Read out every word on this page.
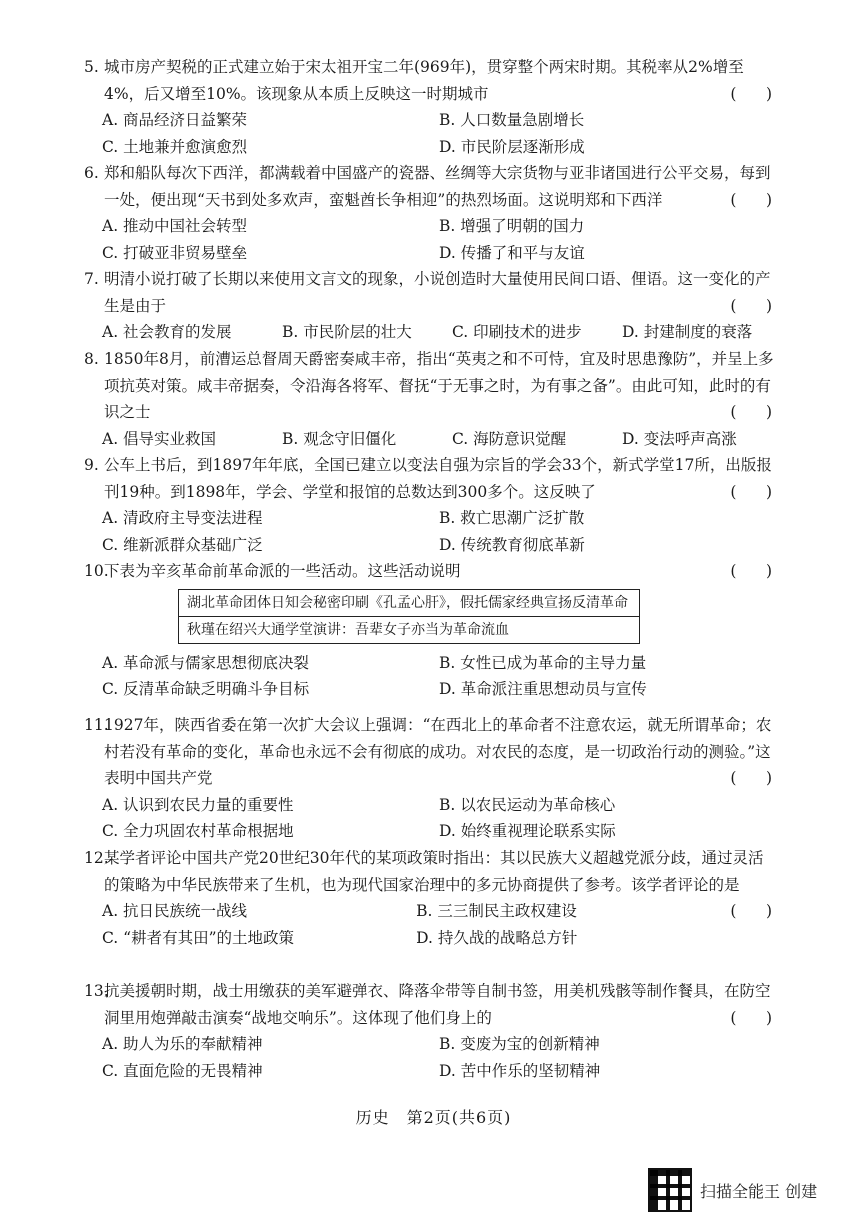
5. 城市房产契税的正式建立始于宋太祖开宝二年(969年)，贯穿整个两宋时期。其税率从2%增至4%，后又增至10%。该现象从本质上反映这一时期城市	(      )
A. 商品经济日益繁荣	B. 人口数量急剧增长
C. 土地兼并愈演愈烈	D. 市民阶层逐渐形成
6. 郑和船队每次下西洋，都满载着中国盛产的瓷器、丝绸等大宗货物与亚非诸国进行公平交易，每到一处，便出现“天书到处多欢声，蛮魁酋长争相迎”的热烈场面。这说明郑和下西洋	(      )
A. 推动中国社会转型	B. 增强了明朝的国力
C. 打破亚非贸易壁垒	D. 传播了和平与友谊
7. 明清小说打破了长期以来使用文言文的现象，小说创造时大量使用民间口语、俚语。这一变化的产生是由于	(      )
A. 社会教育的发展	B. 市民阶层的壮大	C. 印刷技术的进步	D. 封建制度的衰落
8. 1850年8月，前漕运总督周天爵密奏咸丰帝，指出“英夷之和不可恃，宜及时思患豫防”，并呈上多项抗英对策。咸丰帝据奏，令沿海各将军、督抚“于无事之时，为有事之备”。由此可知，此时的有识之士	(      )
A. 倡导实业救国	B. 观念守旧僵化	C. 海防意识觉醒	D. 变法呼声高涨
9. 公车上书后，到1897年年底，全国已建立以变法自强为宗旨的学会33个，新式学堂17所，出版报刊19种。到1898年，学会、学堂和报馆的总数达到300多个。这反映了	(      )
A. 清政府主导变法进程	B. 救亡思潮广泛扩散
C. 维新派群众基础广泛	D. 传统教育彻底革新
10.
下表为辛亥革命前革命派的一些活动。这些活动说明	(      )
湖北革命团体日知会秘密印刷《孔孟心肝》，假托儒家经典宣扬反清革命
秋瑾在绍兴大通学堂演讲：吾辈女子亦当为革命流血
A. 革命派与儒家思想彻底决裂	B. 女性已成为革命的主导力量
C. 反清革命缺乏明确斗争目标	D. 革命派注重思想动员与宣传
11.
1927年，陕西省委在第一次扩大会议上强调：“在西北上的革命者不注意农运，就无所谓革命；农村若没有革命的变化，革命也永远不会有彻底的成功。对农民的态度，是一切政治行动的测验。”这表明中国共产党	(      )
A. 认识到农民力量的重要性	B. 以农民运动为革命核心
C. 全力巩固农村革命根据地	D. 始终重视理论联系实际
12.
某学者评论中国共产党20世纪30年代的某项政策时指出：其以民族大义超越党派分歧，通过灵活的策略为中华民族带来了生机，也为现代国家治理中的多元协商提供了参考。该学者评论的是
(      )
A. 抗日民族统一战线	B. 三三制民主政权建设
C. “耕者有其田”的土地政策	D. 持久战的战略总方针
13.
抗美援朝时期，战士用缴获的美军避弹衣、降落伞带等自制书签，用美机残骸等制作餐具，在防空洞里用炮弹敲击演奏“战地交响乐”。这体现了他们身上的	(      )
A. 助人为乐的奉献精神	B. 变废为宝的创新精神
C. 直面危险的无畏精神	D. 苦中作乐的坚韧精神
历史　第2页(共6页)
扫描全能王 创建
